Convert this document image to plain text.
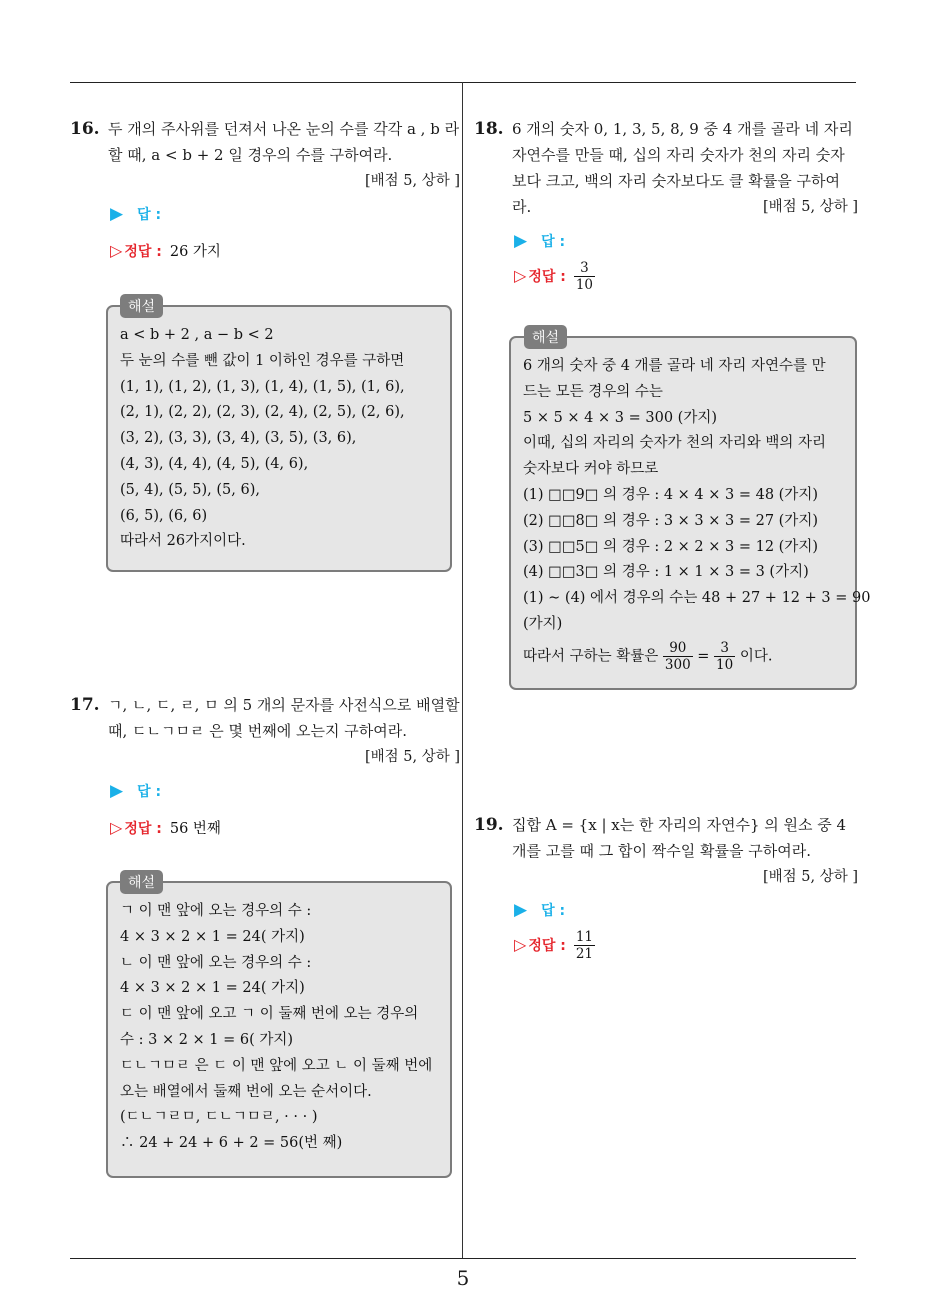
5
16. 두 개의 주사위를 던져서 나온 눈의 수를 각각 a , b 라 할 때, a < b + 2 일 경우의 수를 구하여라.
[배점 5, 상하 ]
▶ 답 :
▷ 정답 : 26 가지

a < b + 2 , a − b < 2

두 눈의 수를 뺀 값이 1 이하인 경우를 구하면

(1, 1), (1, 2), (1, 3), (1, 4), (1, 5), (1, 6),

(2, 1), (2, 2), (2, 3), (2, 4), (2, 5), (2, 6),

(3, 2), (3, 3), (3, 4), (3, 5), (3, 6),

(4, 3), (4, 4), (4, 5), (4, 6),

(5, 4), (5, 5), (5, 6),

(6, 5), (6, 6)

따라서 26가지이다.

해설
17. ㄱ, ㄴ, ㄷ, ㄹ, ㅁ 의 5 개의 문자를 사전식으로 배열할 때, ㄷㄴㄱㅁㄹ 은 몇 번째에 오는지 구하여라.
[배점 5, 상하 ]
▶ 답 :
▷ 정답 : 56 번째

ㄱ 이 맨 앞에 오는 경우의 수 :

4 × 3 × 2 × 1 = 24( 가지)

ㄴ 이 맨 앞에 오는 경우의 수 :

4 × 3 × 2 × 1 = 24( 가지)

ㄷ 이 맨 앞에 오고 ㄱ 이 둘째 번에 오는 경우의

수 : 3 × 2 × 1 = 6( 가지)

ㄷㄴㄱㅁㄹ 은 ㄷ 이 맨 앞에 오고 ㄴ 이 둘째 번에

오는 배열에서 둘째 번에 오는 순서이다.

(ㄷㄴㄱㄹㅁ, ㄷㄴㄱㅁㄹ, · · · )

∴ 24 + 24 + 6 + 2 = 56(번 째)

해설
18. 6 개의 숫자 0, 1, 3, 5, 8, 9 중 4 개를 골라 네 자리 자연수를 만들 때, 십의 자리 숫자가 천의 자리 숫자보다 크고, 백의 자리 숫자보다도 클 확률을 구하여라.	[배점 5, 상하 ]
▶ 답 :
▷ 정답 : $\frac{3}{10}$

6 개의 숫자 중 4 개를 골라 네 자리 자연수를 만

드는 모든 경우의 수는

5 × 5 × 4 × 3 = 300 (가지)

이때, 십의 자리의 숫자가 천의 자리와 백의 자리

숫자보다 커야 하므로

(1) □□9□ 의 경우 : 4 × 4 × 3 = 48 (가지)

(2) □□8□ 의 경우 : 3 × 3 × 3 = 27 (가지)

(3) □□5□ 의 경우 : 2 × 2 × 3 = 12 (가지)

(4) □□3□ 의 경우 : 1 × 1 × 3 = 3 (가지)

(1) ∼ (4) 에서 경우의 수는 48 + 27 + 12 + 3 = 90

(가지)

따라서 구하는 확률은 $\frac{90}{300} = \frac{3}{10}$ 이다.

해설
19. 집합 A = {x | x는 한 자리의 자연수} 의 원소 중 4 개를 고를 때 그 합이 짝수일 확률을 구하여라.
[배점 5, 상하 ]
▶ 답 :
▷ 정답 : $\frac{11}{21}$
